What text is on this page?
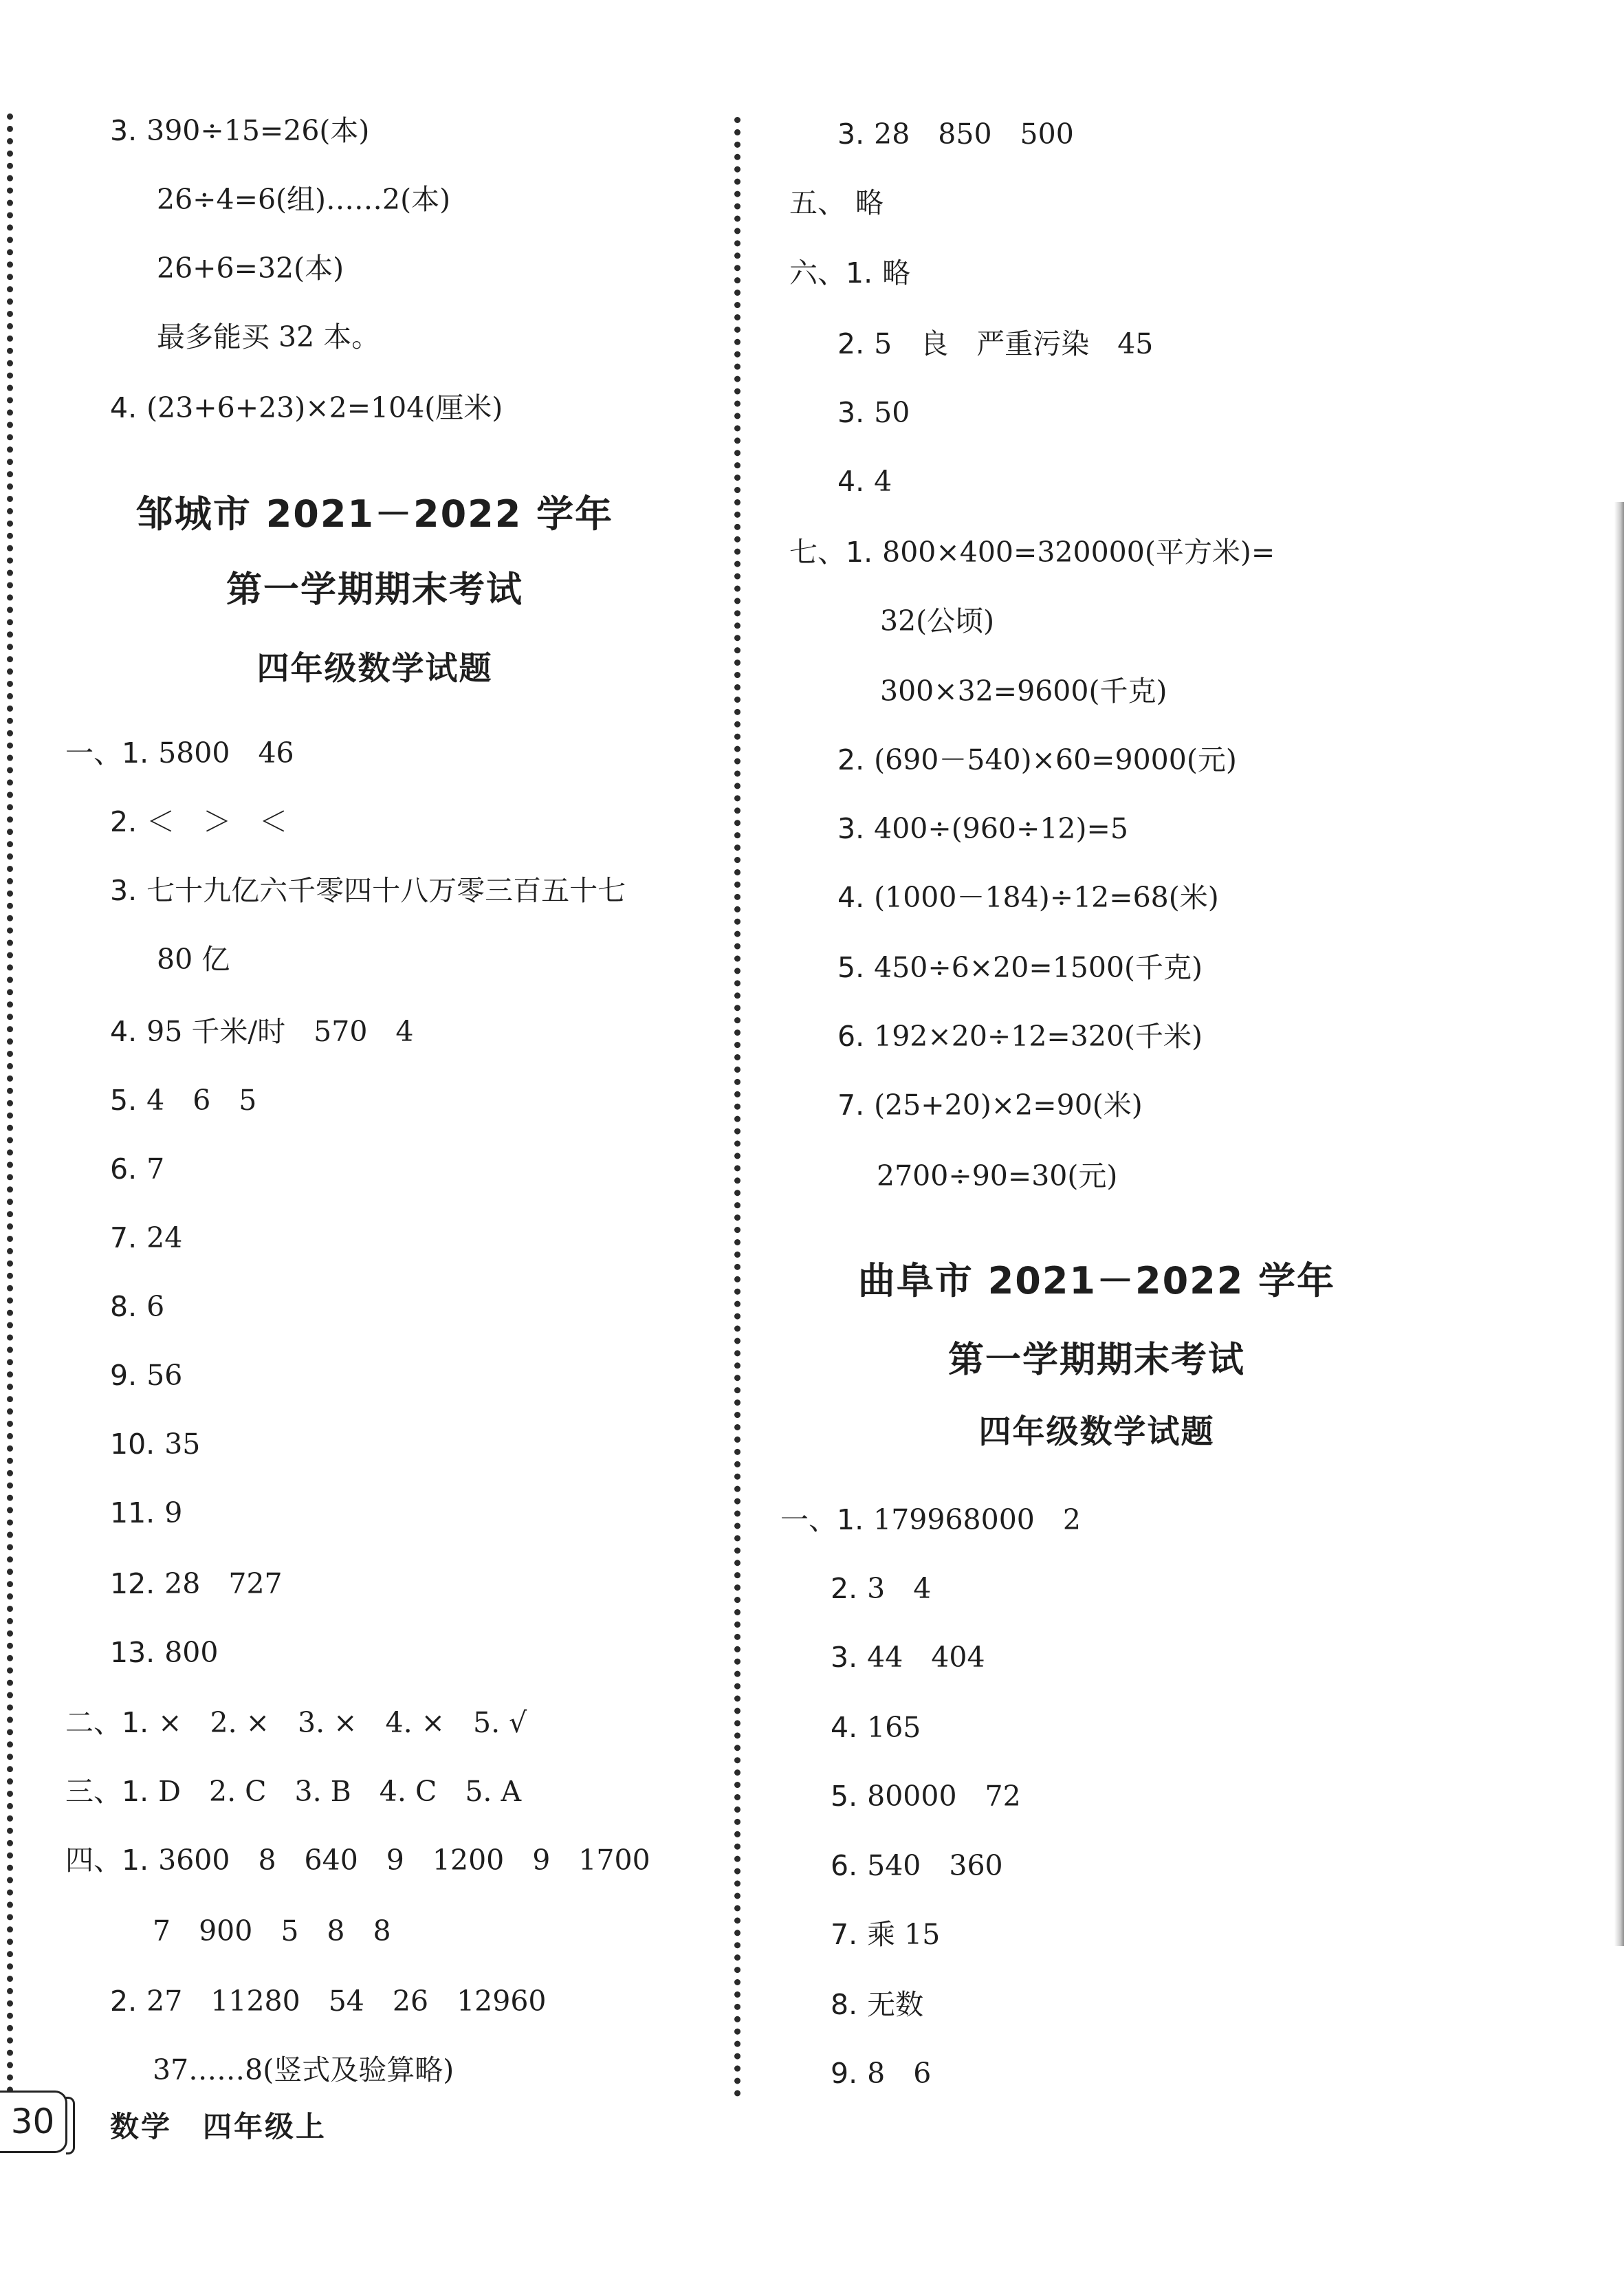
3. 390÷15=26(本)
26÷4=6(组)……2(本)
26+6=32(本)
最多能买 32 本。
4. (23+6+23)×2=104(厘米)
一、1. 5800　46
2. ＜　＞　＜
3. 七十九亿六千零四十八万零三百五十七
80 亿
4. 95 千米/时　570　4
5. 4　6　5
6. 7
7. 24
8. 6
9. 56
10. 35
11. 9
12. 28　727
13. 800
二、1. ×　2. ×　3. ×　4. ×　5. √
三、1. D　2. C　3. B　4. C　5. A
四、1. 3600　8　640　9　1200　9　1700
7　900　5　8　8
2. 27　11280　54　26　12960
37……8(竖式及验算略)
邹城市 2021－2022 学年
第一学期期末考试
四年级数学试题
3. 28　850　500
五、 略
六、1. 略
2. 5　良　严重污染　45
3. 50
4. 4
七、1. 800×400=320000(平方米)=
32(公顷)
300×32=9600(千克)
2. (690－540)×60=9000(元)
3. 400÷(960÷12)=5
4. (1000－184)÷12=68(米)
5. 450÷6×20=1500(千克)
6. 192×20÷12=320(千米)
7. (25+20)×2=90(米)
2700÷90=30(元)
一、1. 179968000　2
2. 3　4
3. 44　404
4. 165
5. 80000　72
6. 540　360
7. 乘 15
8. 无数
9. 8　6
曲阜市 2021－2022 学年
第一学期期末考试
四年级数学试题
30	数学　四年级上
